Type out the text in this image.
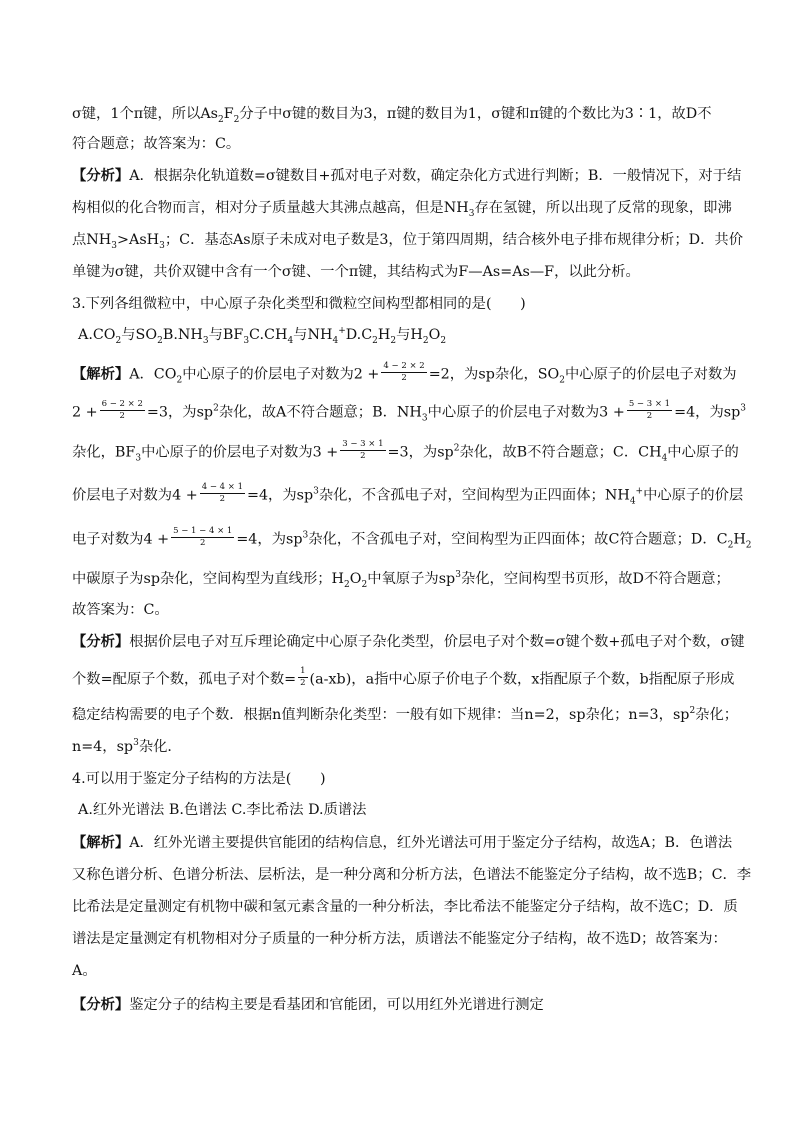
σ键，1个π键，所以$As_2F_2$分子中σ键的数目为3，π键的数目为1，σ键和π键的个数比为3∶1，故D不
符合题意；故答案为：C。
【分析】A．根据杂化轨道数=σ键数目+孤对电子对数，确定杂化方式进行判断；B．一般情况下，对于结
构相似的化合物而言，相对分子质量越大其沸点越高，但是$NH_3$存在氢键，所以出现了反常的现象，即沸
点$NH_3>AsH_3$；C．基态As原子未成对电子数是3，位于第四周期，结合核外电子排布规律分析；D．共价
单键为σ键，共价双键中含有一个σ键、一个π键，其结构式为F—As=As—F，以此分析。
3.下列各组微粒中，中心原子杂化类型和微粒空间构型都相同的是(　　)
$A.CO_2$与$SO_2B.NH_3$与$BF_3C.CH_4$与$NH_4^+D.C_2H_2$与$H_2O_2$
【解析】A．$CO_2$中心原子的价层电子对数为$2 + \frac{4 - 2 \times 2}{2} =2$，为sp杂化，$SO_2$中心原子的价层电子对数为
$2 + \frac{6 - 2 \times 2}{2} =3$，为$sp^2$杂化，故A不符合题意；B．$NH_3$中心原子的价层电子对数为$3 + \frac{5 - 3 \times 1}{2} =4$，为$sp^3$
杂化，$BF_3$中心原子的价层电子对数为$3 + \frac{3 - 3 \times 1}{2} =3$，为$sp^2$杂化，故B不符合题意；C．$CH_4$中心原子的
价层电子对数为$4 + \frac{4 - 4 \times 1}{2} =4$，为$sp^3$杂化，不含孤电子对，空间构型为正四面体；$NH_4^+$中心原子的价层
电子对数为$4 + \frac{5 - 1 - 4 \times 1}{2} =4$，为$sp^3$杂化，不含孤电子对，空间构型为正四面体；故C符合题意；D．$C_2H_2$
中碳原子为sp杂化，空间构型为直线形；$H_2O_2$中氧原子为$sp^3$杂化，空间构型书页形，故D不符合题意；
故答案为：C。
【分析】根据价层电子对互斥理论确定中心原子杂化类型，价层电子对个数=σ键个数+孤电子对个数，σ键
个数=配原子个数，孤电子对个数= $\frac{1}{2} (a-xb)$，a指中心原子价电子个数，x指配原子个数，b指配原子形成
稳定结构需要的电子个数．根据n值判断杂化类型：一般有如下规律：当n=2，sp杂化；n=3，$sp^2$杂化；
n=4，$sp^3$杂化．
4.可以用于鉴定分子结构的方法是(　　)
A.红外光谱法 B.色谱法 C.李比希法 D.质谱法
【解析】A．红外光谱主要提供官能团的结构信息，红外光谱法可用于鉴定分子结构，故选A；B．色谱法
又称色谱分析、色谱分析法、层析法，是一种分离和分析方法，色谱法不能鉴定分子结构，故不选B；C．李
比希法是定量测定有机物中碳和氢元素含量的一种分析法，李比希法不能鉴定分子结构，故不选C；D．质
谱法是定量测定有机物相对分子质量的一种分析方法，质谱法不能鉴定分子结构，故不选D；故答案为：
A。
【分析】鉴定分子的结构主要是看基团和官能团，可以用红外光谱进行测定
